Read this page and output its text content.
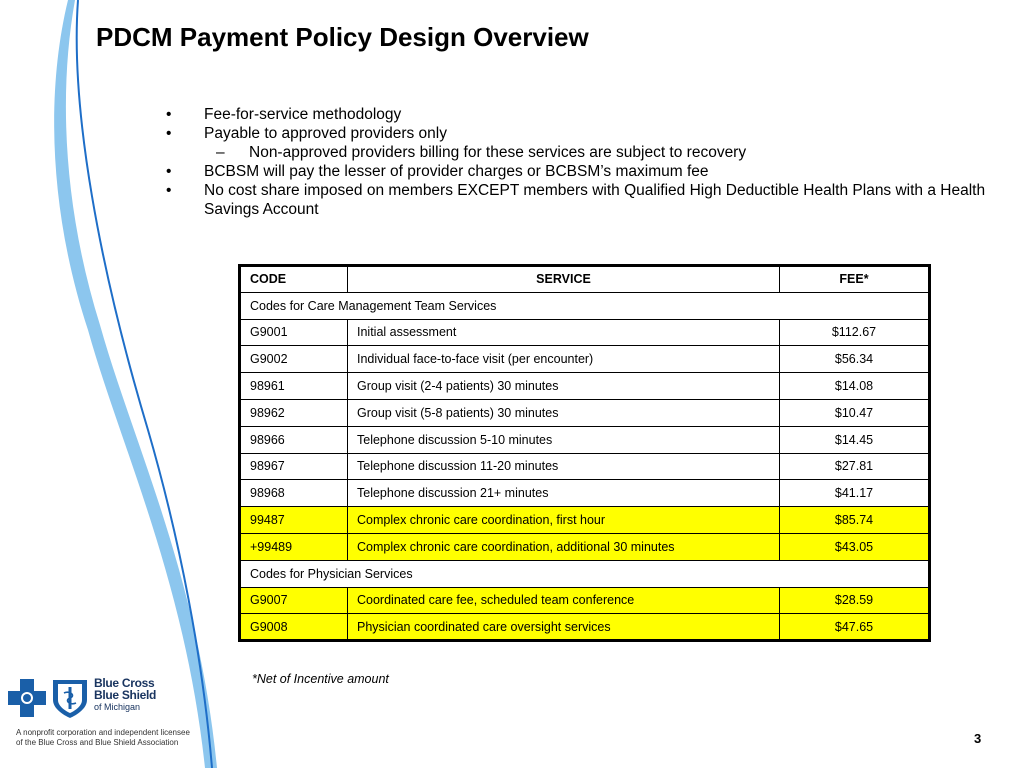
PDCM Payment Policy Design Overview
• Fee-for-service methodology
• Payable to approved providers only
– Non-approved providers billing for these services are subject to recovery
• BCBSM will pay the lesser of provider charges or BCBSM’s maximum fee
• No cost share imposed on members EXCEPT members with Qualified High Deductible Health Plans with a Health Savings Account
CODE	SERVICE	FEE*
Codes for Care Management Team Services		
G9001	Initial assessment	$112.67
G9002	Individual face-to-face visit (per encounter)	$56.34
98961	Group visit (2-4 patients) 30 minutes	$14.08
98962	Group visit (5-8 patients) 30 minutes	$10.47
98966	Telephone discussion 5-10 minutes	$14.45
98967	Telephone discussion 11-20 minutes	$27.81
98968	Telephone discussion 21+ minutes	$41.17
99487	Complex chronic care coordination, first hour	$85.74
+99489	Complex chronic care coordination, additional 30 minutes	$43.05
Codes for Physician Services		
G9007	Coordinated care fee, scheduled team conference	$28.59
G9008	Physician coordinated care oversight services	$47.65
*Net of Incentive amount
Blue Cross
Blue Shield
of Michigan
A nonprofit corporation and independent licensee
of the Blue Cross and Blue Shield Association	3
